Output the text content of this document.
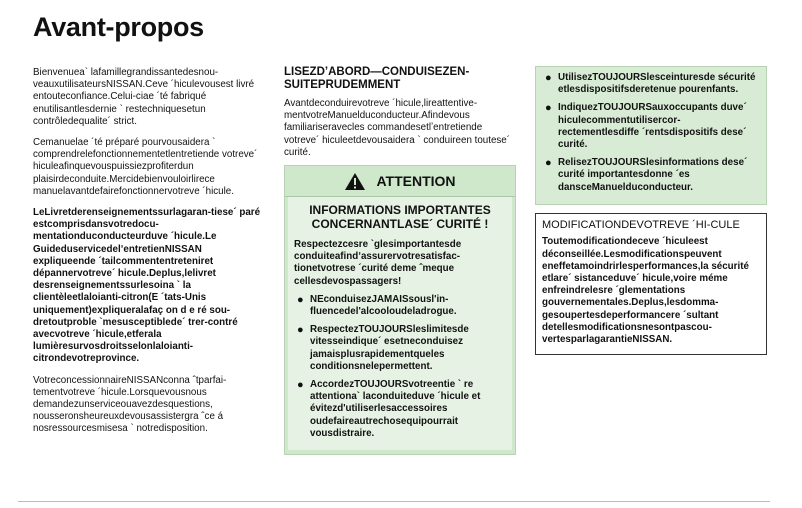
Avant-propos

Bienvenuea` lafamillegrandissantedesnou-veauxutilisateursNISSAN.Ceve ´hiculevousest livré entouteconfiance.Celui-ciae ´té fabriqué enutilisantlesdernie ` restechniquesetun contrôledequalite´ strict.

Cemanuelae ´té préparé pourvousaidera ` comprendrelefonctionnementetlentretiende votreve´ hiculeafinquevouspuissiezprofiterdun plaisirdeconduite.Mercidebienvouloirlirece manuelavantdefairefonctionnervotreve ´hicule.

LeLivretderenseignementssurlagaran-tiese´ paré estcomprisdansvotredocu-mentationduconducteurduve ´hicule.Le GuideduservicedelʼentretienNISSAN expliqueende ´tailcommententreteniret dépannervotreve´ hicule.Deplus,lelivret desrenseignementssurlesoina ` la clientèleetlaloianti-citron(E ´tats-Unis uniquement)expliqueralafaç on d e ré sou-dretoutproble `mesusceptiblede´ trer-contré avecvotreve ´hicule,etferala lumièresurvosdroitsselonlaloianti-citrondevotreprovince.

VotreconcessionnaireNISSANconna ˆtparfai-tementvotreve ´hicule.Lorsquevousnous demandezunserviceouavezdesquestions, nousseronsheureuxdevousassistergra ˆce á nosressourcesmisesa ` notredisposition.

LISEZDʼABORD—CONDUISEZEN-SUITEPRUDEMMENT

Avantdeconduirevotreve ´hicule,lireattentive-mentvotreManuelduconducteur.Afindevous familiariseravecles commandesetlʼentretiende votreve´ hiculeetdevousaidera ` conduireen toutese´ curité.

ATTENTION
INFORMATIONS IMPORTANTES CONCERNANTLASE´ CURITÉ !

Respectezcesre `glesimportantesde conduiteafindʼassurervotresatisfac-tionetvotrese ´curité deme ˆmeque cellesdevospassagers!

● NEconduisezJAMAISsousl'in-fluencedel'alcooloudeladrogue.
● RespectezTOUJOURSleslimitesde vitesseindique´ esetneconduisez jamaisplusrapidementqueles conditionsnelepermettent.
● AccordezTOUJOURSvotreentie ` re attentiona` laconduiteduve ´hicule et évitezd'utiliserlesaccessoires oudefaireautrechosequipourrait vousdistraire.
● UtilisezTOUJOURSlesceinturesde sécurité etlesdispositifsderetenue pourenfants.
● IndiquezTOUJOURSauxoccupants duve´ hiculecommentutilisercor-rectementlesdiffe ´rentsdispositifs dese´ curité.
● RelisezTOUJOURSlesinformations dese´ curité importantesdonne ´es dansceManuelduconducteur.
MODIFICATIONDEVOTREVE ´HI-CULE

Toutemodificationdeceve ´hiculeest déconseillée.Lesmodificationspeuvent eneffetamoindrirlesperformances,la sécurité etlare´ sistanceduve´ hicule,voire méme enfreindrelesre ´glementations gouvernementales.Deplus,lesdomma-gesoupertesdeperformancere ´sultant detellesmodificationsnesontpascou-vertesparlagarantieNISSAN.
